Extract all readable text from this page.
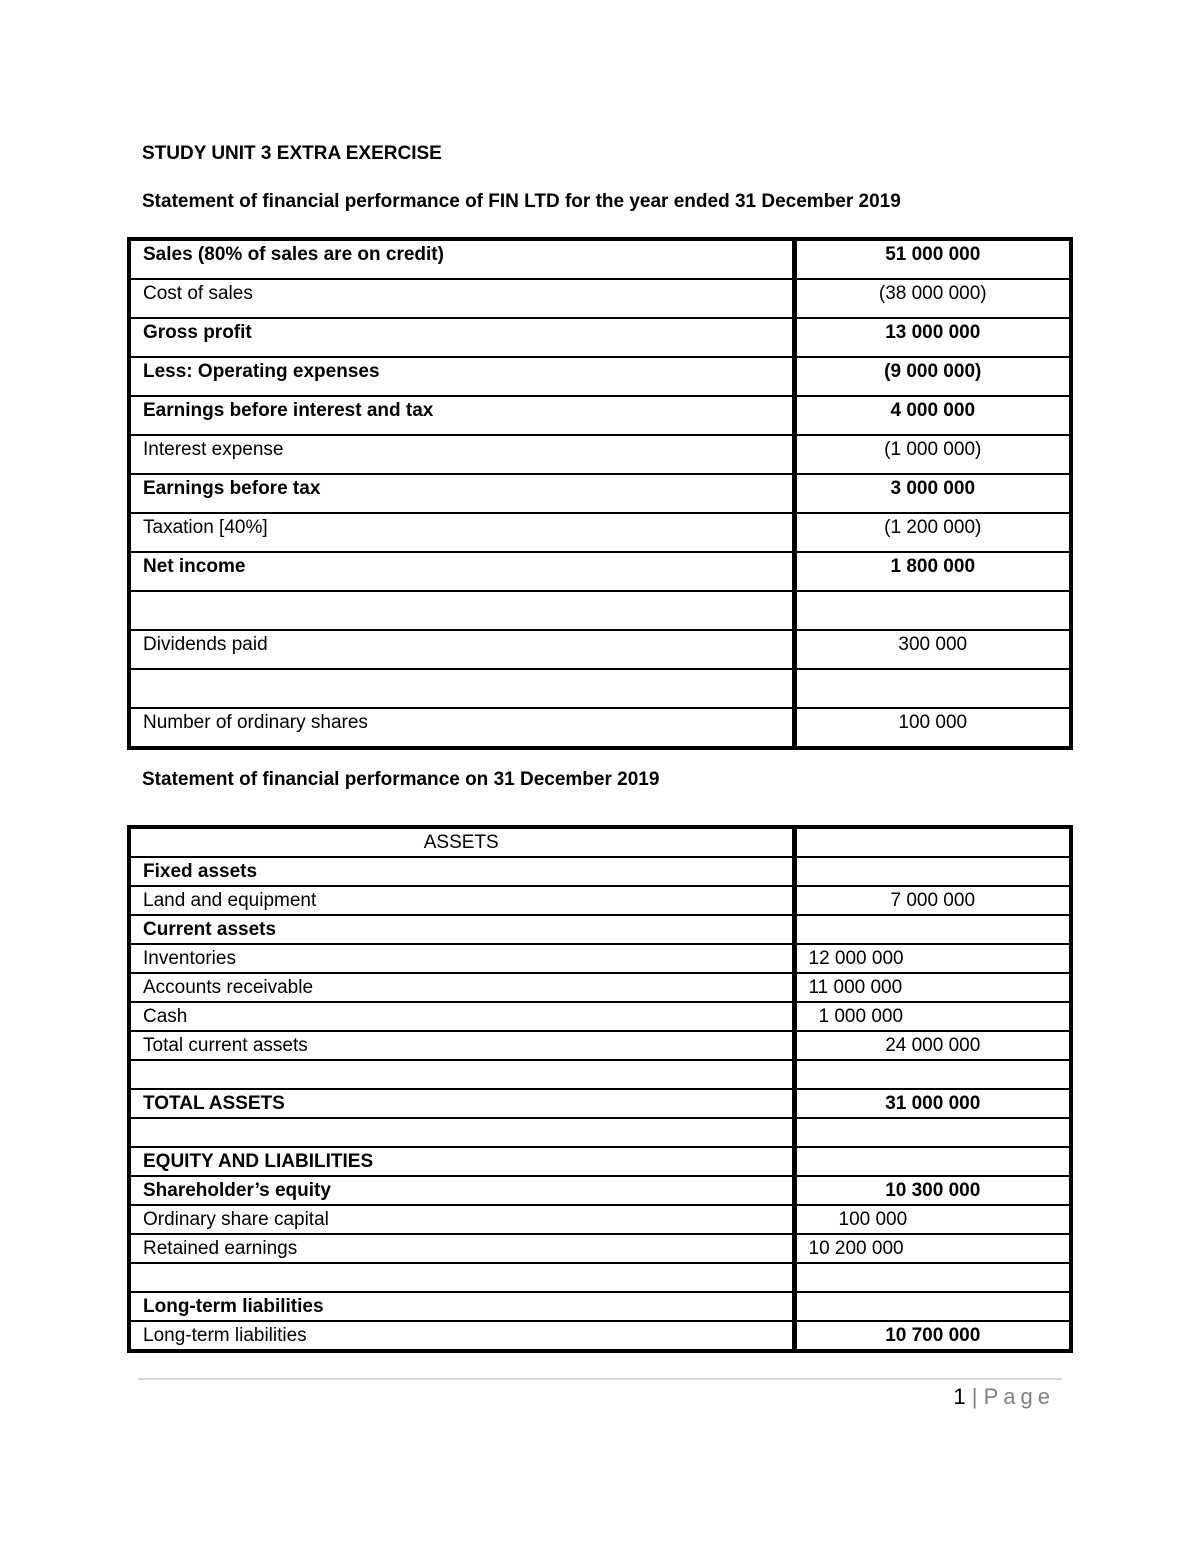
STUDY UNIT 3 EXTRA EXERCISE
Statement of financial performance of FIN LTD for the year ended 31 December 2019
Sales (80% of sales are on credit)	51 000 000
Cost of sales	(38 000 000)
Gross profit	13 000 000
Less: Operating expenses	(9 000 000)
Earnings before interest and tax	4 000 000
Interest expense	(1 000 000)
Earnings before tax	3 000 000
Taxation [40%]	(1 200 000)
Net income	1 800 000

Dividends paid	300 000

Number of ordinary shares	100 000
Statement of financial performance on 31 December 2019
ASSETS	
Fixed assets	
Land and equipment	7 000 000
Current assets	
Inventories	12 000 000
Accounts receivable	11 000 000
Cash	1 000 000
Total current assets	24 000 000

TOTAL ASSETS	31 000 000

EQUITY AND LIABILITIES	
Shareholder’s equity	10 300 000
Ordinary share capital	100 000
Retained earnings	10 200 000

Long-term liabilities	
Long-term liabilities	10 700 000
1 | Page
